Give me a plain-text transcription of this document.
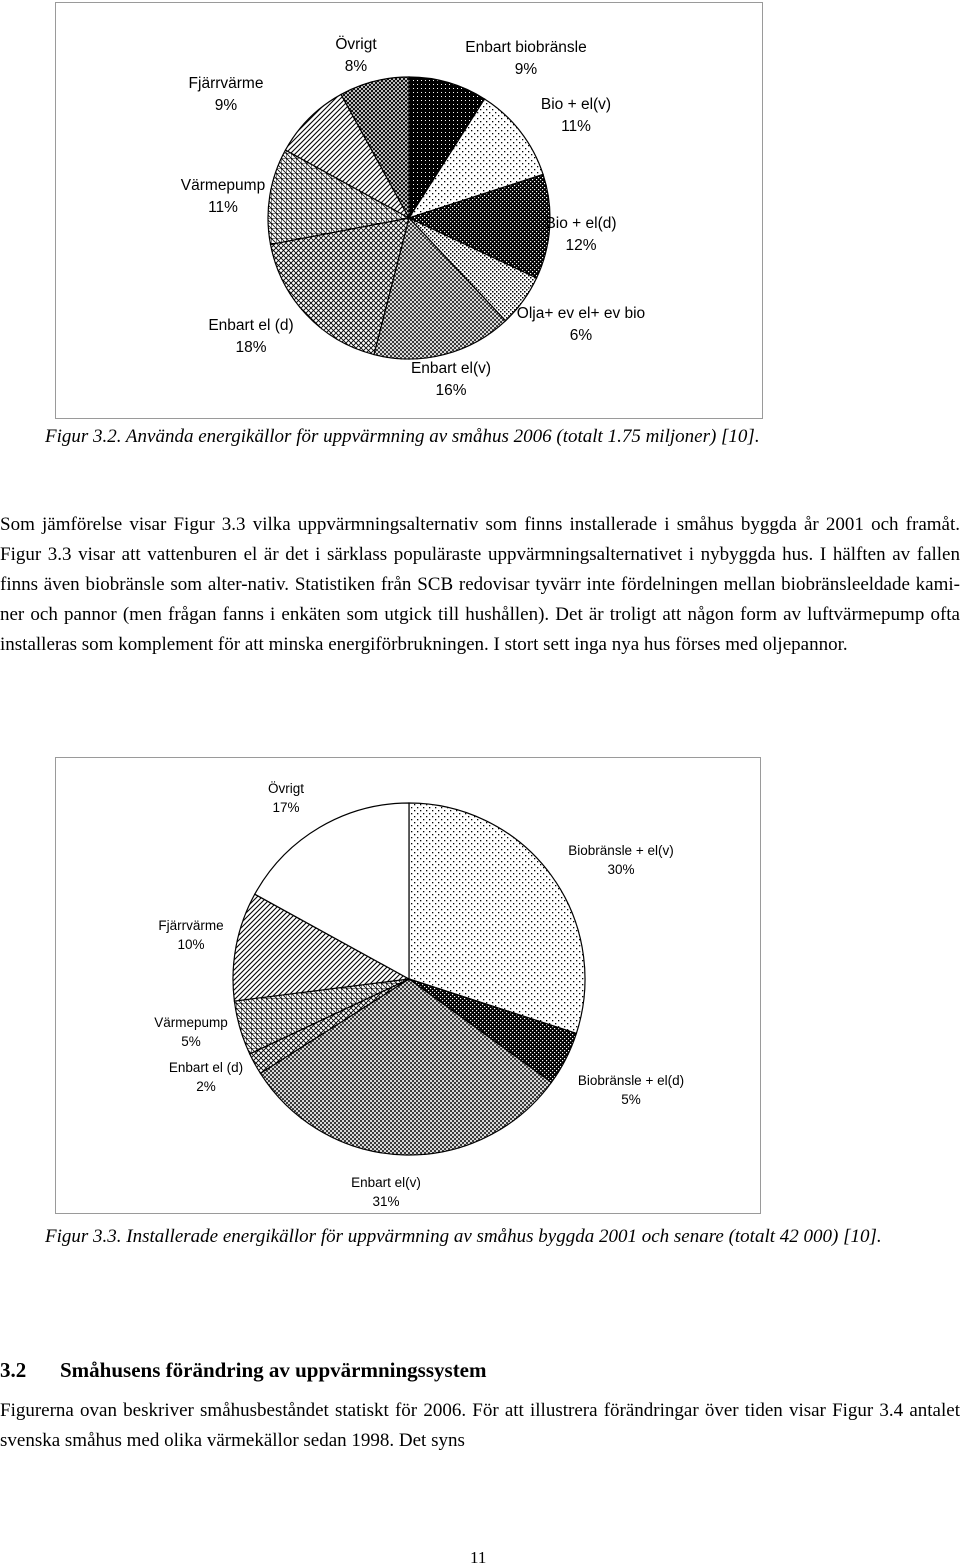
Enbart biobränsle
9%
Bio + el(v)
11%
Bio + el(d)
12%
Olja+ ev el+ ev bio
6%
Enbart el(v)
16%
Enbart el (d)
18%
Värmepump
11%
Fjärrvärme
9%
Övrigt
8%

Figur 3.2. Använda energikällor för uppvärmning av småhus 2006 (totalt 1.75 miljoner) [10].

Som jämförelse visar Figur 3.3 vilka uppvärmningsalternativ som finns installerade i småhus byggda år 2001 och framåt. Figur 3.3 visar att vattenburen el är det i särklass populäraste uppvärmningsalternativet i nybyggda hus. I hälften av fallen finns även biobränsle som alter-nativ. Statistiken från SCB redovisar tyvärr inte fördelningen mellan biobränsleeldade kami-ner och pannor (men frågan fanns i enkäten som utgick till hushållen). Det är troligt att någon form av luftvärmepump ofta installeras som komplement för att minska energiförbrukningen. I stort sett inga nya hus förses med oljepannor.

Biobränsle + el(v)
30%
Biobränsle + el(d)
5%
Enbart el(v)
31%
Enbart el (d)
2%
Värmepump
5%
Fjärrvärme
10%
Övrigt
17%

Figur 3.3. Installerade energikällor för uppvärmning av småhus byggda 2001 och senare (totalt 42 000) [10].

3.2 Småhusens förändring av uppvärmningssystem

Figurerna ovan beskriver småhusbeståndet statiskt för 2006. För att illustrera förändringar över tiden visar Figur 3.4 antalet svenska småhus med olika värmekällor sedan 1998. Det syns

11
